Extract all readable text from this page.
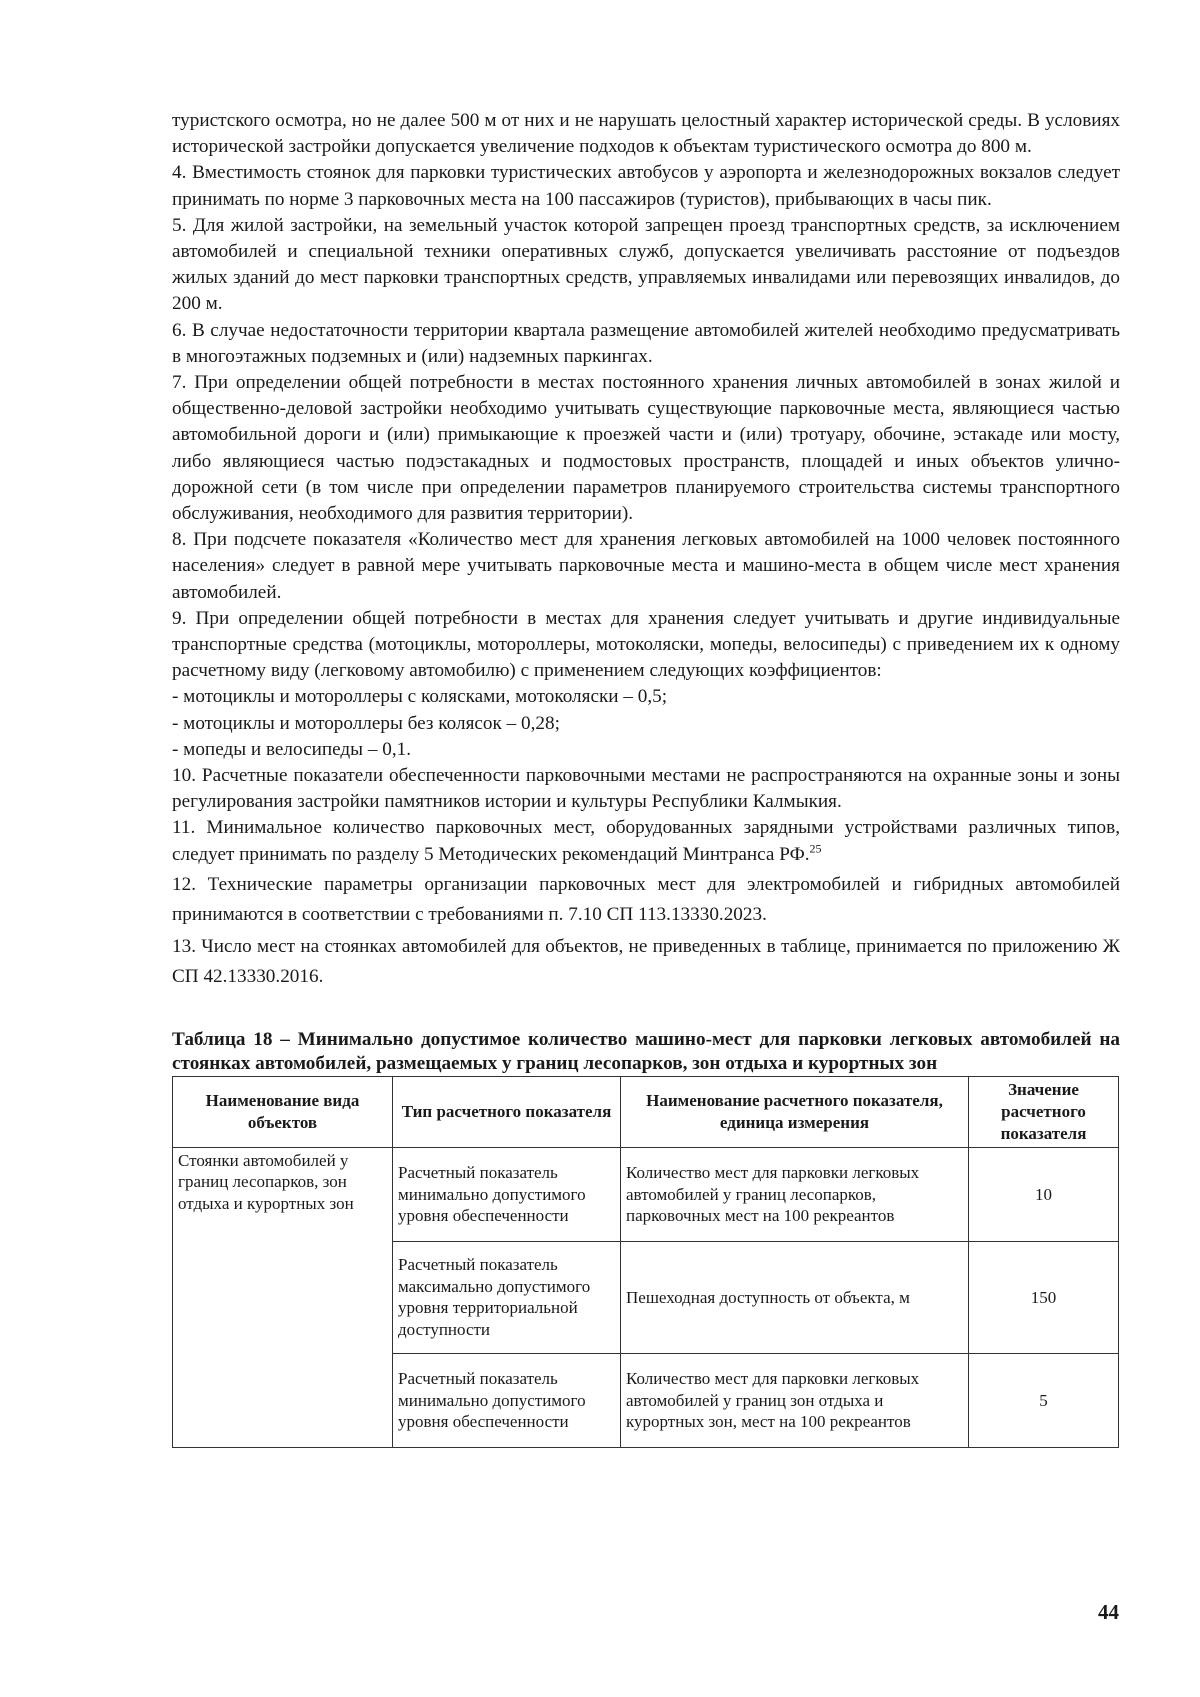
туристского осмотра, но не далее 500 м от них и не нарушать целостный характер исторической среды. В условиях исторической застройки допускается увеличение подходов к объектам туристического осмотра до 800 м.

4. Вместимость стоянок для парковки туристических автобусов у аэропорта и железнодорожных вокзалов следует принимать по норме 3 парковочных места на 100 пассажиров (туристов), прибывающих в часы пик.

5. Для жилой застройки, на земельный участок которой запрещен проезд транспортных средств, за исключением автомобилей и специальной техники оперативных служб, допускается увеличивать расстояние от подъездов жилых зданий до мест парковки транспортных средств, управляемых инвалидами или перевозящих инвалидов, до 200 м.

6. В случае недостаточности территории квартала размещение автомобилей жителей необходимо предусматривать в многоэтажных подземных и (или) надземных паркингах.

7. При определении общей потребности в местах постоянного хранения личных автомобилей в зонах жилой и общественно-деловой застройки необходимо учитывать существующие парковочные места, являющиеся частью автомобильной дороги и (или) примыкающие к проезжей части и (или) тротуару, обочине, эстакаде или мосту, либо являющиеся частью подэстакадных и подмостовых пространств, площадей и иных объектов улично-дорожной сети (в том числе при определении параметров планируемого строительства системы транспортного обслуживания, необходимого для развития территории).

8. При подсчете показателя «Количество мест для хранения легковых автомобилей на 1000 человек постоянного населения» следует в равной мере учитывать парковочные места и машино-места в общем числе мест хранения автомобилей.

9. При определении общей потребности в местах для хранения следует учитывать и другие индивидуальные транспортные средства (мотоциклы, мотороллеры, мотоколяски, мопеды, велосипеды) с приведением их к одному расчетному виду (легковому автомобилю) с применением следующих коэффициентов:

- мотоциклы и мотороллеры с колясками, мотоколяски – 0,5;

- мотоциклы и мотороллеры без колясок – 0,28;

- мопеды и велосипеды – 0,1.

10. Расчетные показатели обеспеченности парковочными местами не распространяются на охранные зоны и зоны регулирования застройки памятников истории и культуры Республики Калмыкия.

11. Минимальное количество парковочных мест, оборудованных зарядными устройствами различных типов, следует принимать по разделу 5 Методических рекомендаций Минтранса РФ.$^{25}$

12. Технические параметры организации парковочных мест для электромобилей и гибридных автомобилей принимаются в соответствии с требованиями п. 7.10 СП 113.13330.2023.

13. Число мест на стоянках автомобилей для объектов, не приведенных в таблице, принимается по приложению Ж СП 42.13330.2016.

Таблица 18 – Минимально допустимое количество машино-мест для парковки легковых автомобилей на стоянках автомобилей, размещаемых у границ лесопарков, зон отдыха и курортных зон

Наименование вида объектов	Тип расчетного показателя	Наименование расчетного показателя, единица измерения	Значение расчетного показателя
Стоянки автомобилей у границ лесопарков, зон отдыха и курортных зон	Расчетный показатель минимально допустимого уровня обеспеченности	Количество мест для парковки легковых автомобилей у границ лесопарков, парковочных мест на 100 рекреантов	10
	Расчетный показатель максимально допустимого уровня территориальной доступности	Пешеходная доступность от объекта, м	150
	Расчетный показатель минимально допустимого уровня обеспеченности	Количество мест для парковки легковых автомобилей у границ зон отдыха и курортных зон, мест на 100 рекреантов	5
44
